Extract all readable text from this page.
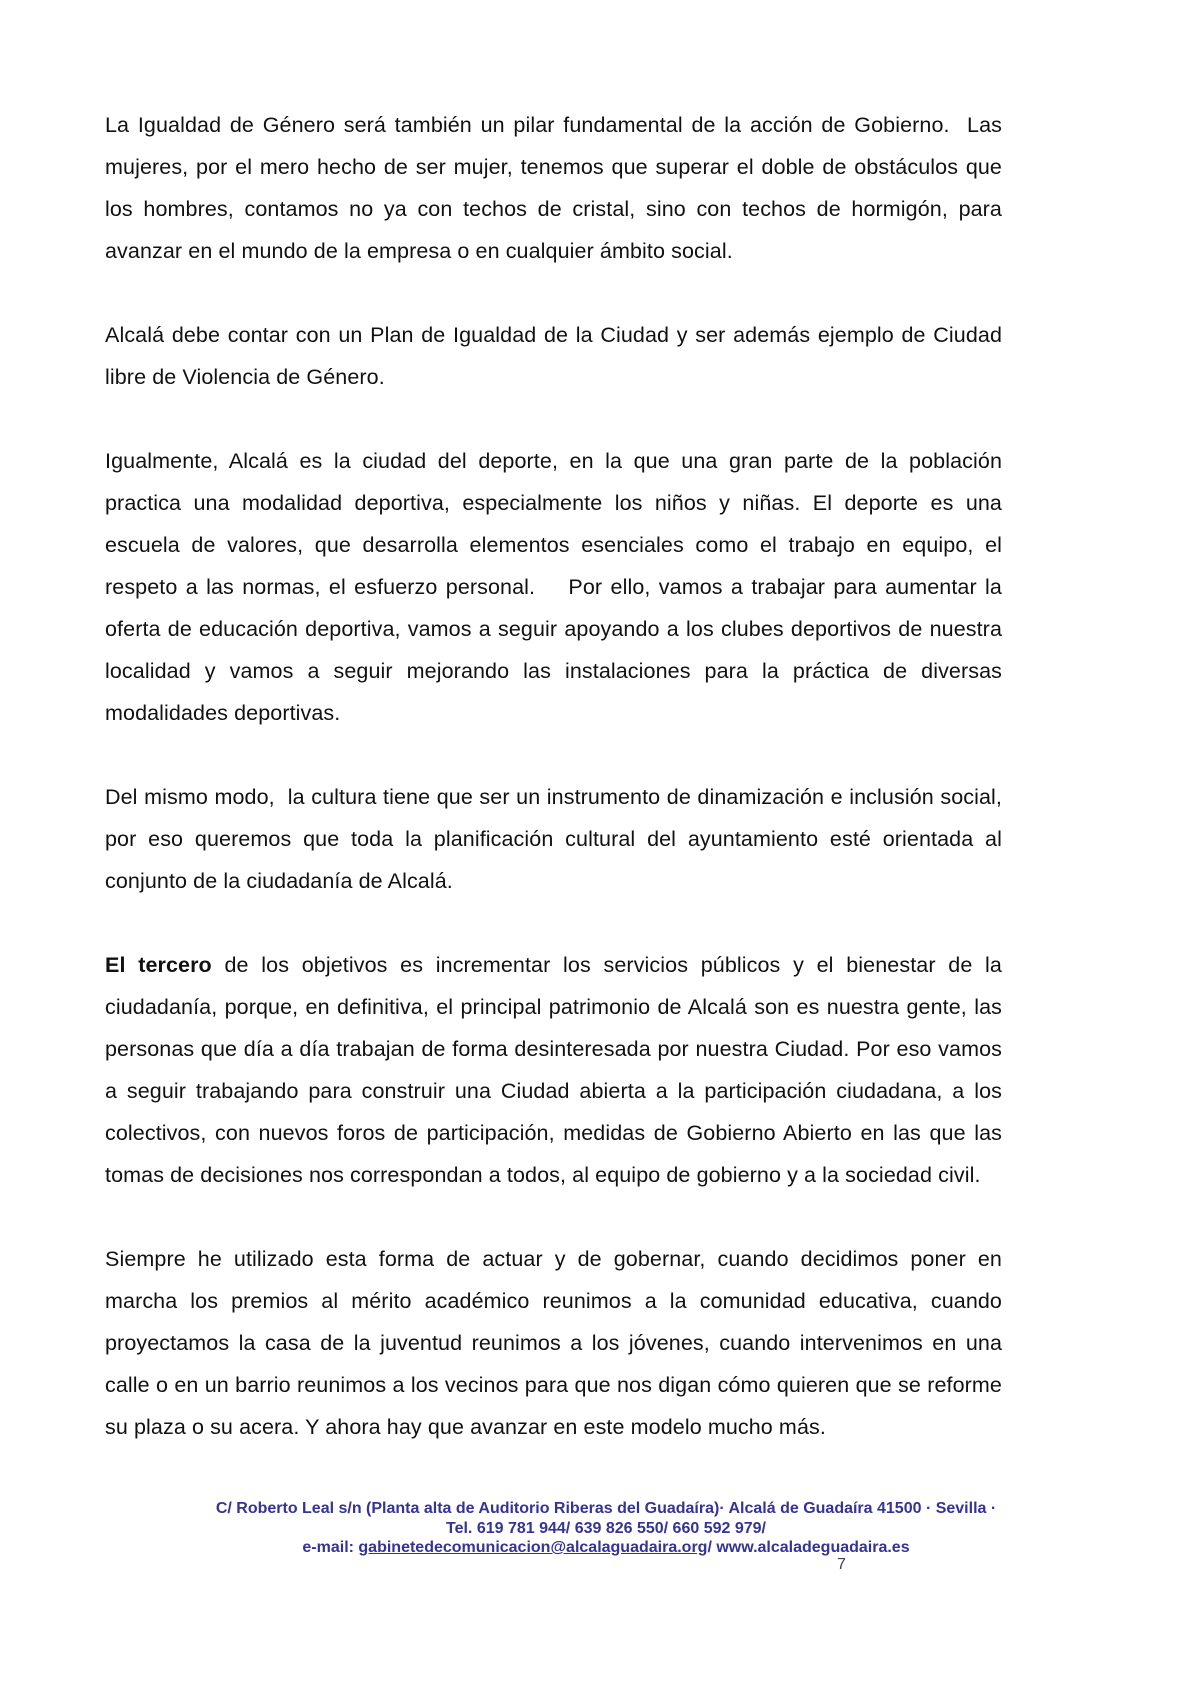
La Igualdad de Género será también un pilar fundamental de la acción de Gobierno.  Las mujeres, por el mero hecho de ser mujer, tenemos que superar el doble de obstáculos que los hombres, contamos no ya con techos de cristal, sino con techos de hormigón, para avanzar en el mundo de la empresa o en cualquier ámbito social.

Alcalá debe contar con un Plan de Igualdad de la Ciudad y ser además ejemplo de Ciudad libre de Violencia de Género.

Igualmente, Alcalá es la ciudad del deporte, en la que una gran parte de la población practica una modalidad deportiva, especialmente los niños y niñas. El deporte es una escuela de valores, que desarrolla elementos esenciales como el trabajo en equipo, el respeto a las normas, el esfuerzo personal.    Por ello, vamos a trabajar para aumentar la oferta de educación deportiva, vamos a seguir apoyando a los clubes deportivos de nuestra localidad y vamos a seguir mejorando las instalaciones para la práctica de diversas modalidades deportivas.

Del mismo modo,  la cultura tiene que ser un instrumento de dinamización e inclusión social, por eso queremos que toda la planificación cultural del ayuntamiento esté orientada al conjunto de la ciudadanía de Alcalá.

El tercero de los objetivos es incrementar los servicios públicos y el bienestar de la ciudadanía, porque, en definitiva, el principal patrimonio de Alcalá son es nuestra gente, las personas que día a día trabajan de forma desinteresada por nuestra Ciudad. Por eso vamos a seguir trabajando para construir una Ciudad abierta a la participación ciudadana, a los colectivos, con nuevos foros de participación, medidas de Gobierno Abierto en las que las tomas de decisiones nos correspondan a todos, al equipo de gobierno y a la sociedad civil.

Siempre he utilizado esta forma de actuar y de gobernar, cuando decidimos poner en marcha los premios al mérito académico reunimos a la comunidad educativa, cuando proyectamos la casa de la juventud reunimos a los jóvenes, cuando intervenimos en una calle o en un barrio reunimos a los vecinos para que nos digan cómo quieren que se reforme su plaza o su acera. Y ahora hay que avanzar en este modelo mucho más.

C/ Roberto Leal s/n (Planta alta de Auditorio Riberas del Guadaíra)· Alcalá de Guadaíra 41500 · Sevilla ·
Tel. 619 781 944/ 639 826 550/ 660 592 979/
e-mail: gabinetedecomunicacion@alcalaguadaira.org/ www.alcaladeguadaira.es
7
